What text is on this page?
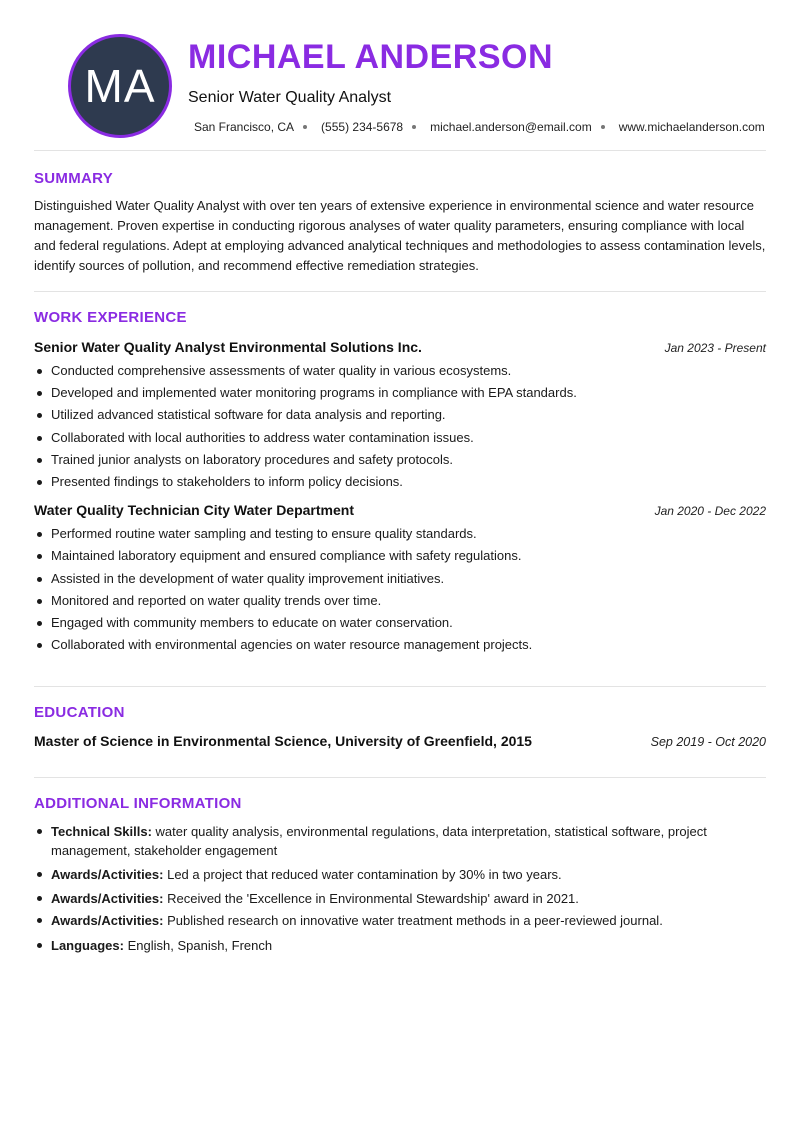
MA
MICHAEL ANDERSON
Senior Water Quality Analyst
San Francisco, CA (555) 234-5678 michael.anderson@email.com www.michaelanderson.com
SUMMARY
Distinguished Water Quality Analyst with over ten years of extensive experience in environmental science and water resource management. Proven expertise in conducting rigorous analyses of water quality parameters, ensuring compliance with local and federal regulations. Adept at employing advanced analytical techniques and methodologies to assess contamination levels, identify sources of pollution, and recommend effective remediation strategies.
WORK EXPERIENCE
Senior Water Quality Analyst Environmental Solutions Inc.	Jan 2023 - Present
Conducted comprehensive assessments of water quality in various ecosystems.
Developed and implemented water monitoring programs in compliance with EPA standards.
Utilized advanced statistical software for data analysis and reporting.
Collaborated with local authorities to address water contamination issues.
Trained junior analysts on laboratory procedures and safety protocols.
Presented findings to stakeholders to inform policy decisions.
Water Quality Technician City Water Department	Jan 2020 - Dec 2022
Performed routine water sampling and testing to ensure quality standards.
Maintained laboratory equipment and ensured compliance with safety regulations.
Assisted in the development of water quality improvement initiatives.
Monitored and reported on water quality trends over time.
Engaged with community members to educate on water conservation.
Collaborated with environmental agencies on water resource management projects.
EDUCATION
Master of Science in Environmental Science, University of Greenfield, 2015	Sep 2019 - Oct 2020
ADDITIONAL INFORMATION
Technical Skills: water quality analysis, environmental regulations, data interpretation, statistical software, project management, stakeholder engagement
Awards/Activities: Led a project that reduced water contamination by 30% in two years.
Awards/Activities: Received the 'Excellence in Environmental Stewardship' award in 2021.
Awards/Activities: Published research on innovative water treatment methods in a peer-reviewed journal.
Languages: English, Spanish, French
